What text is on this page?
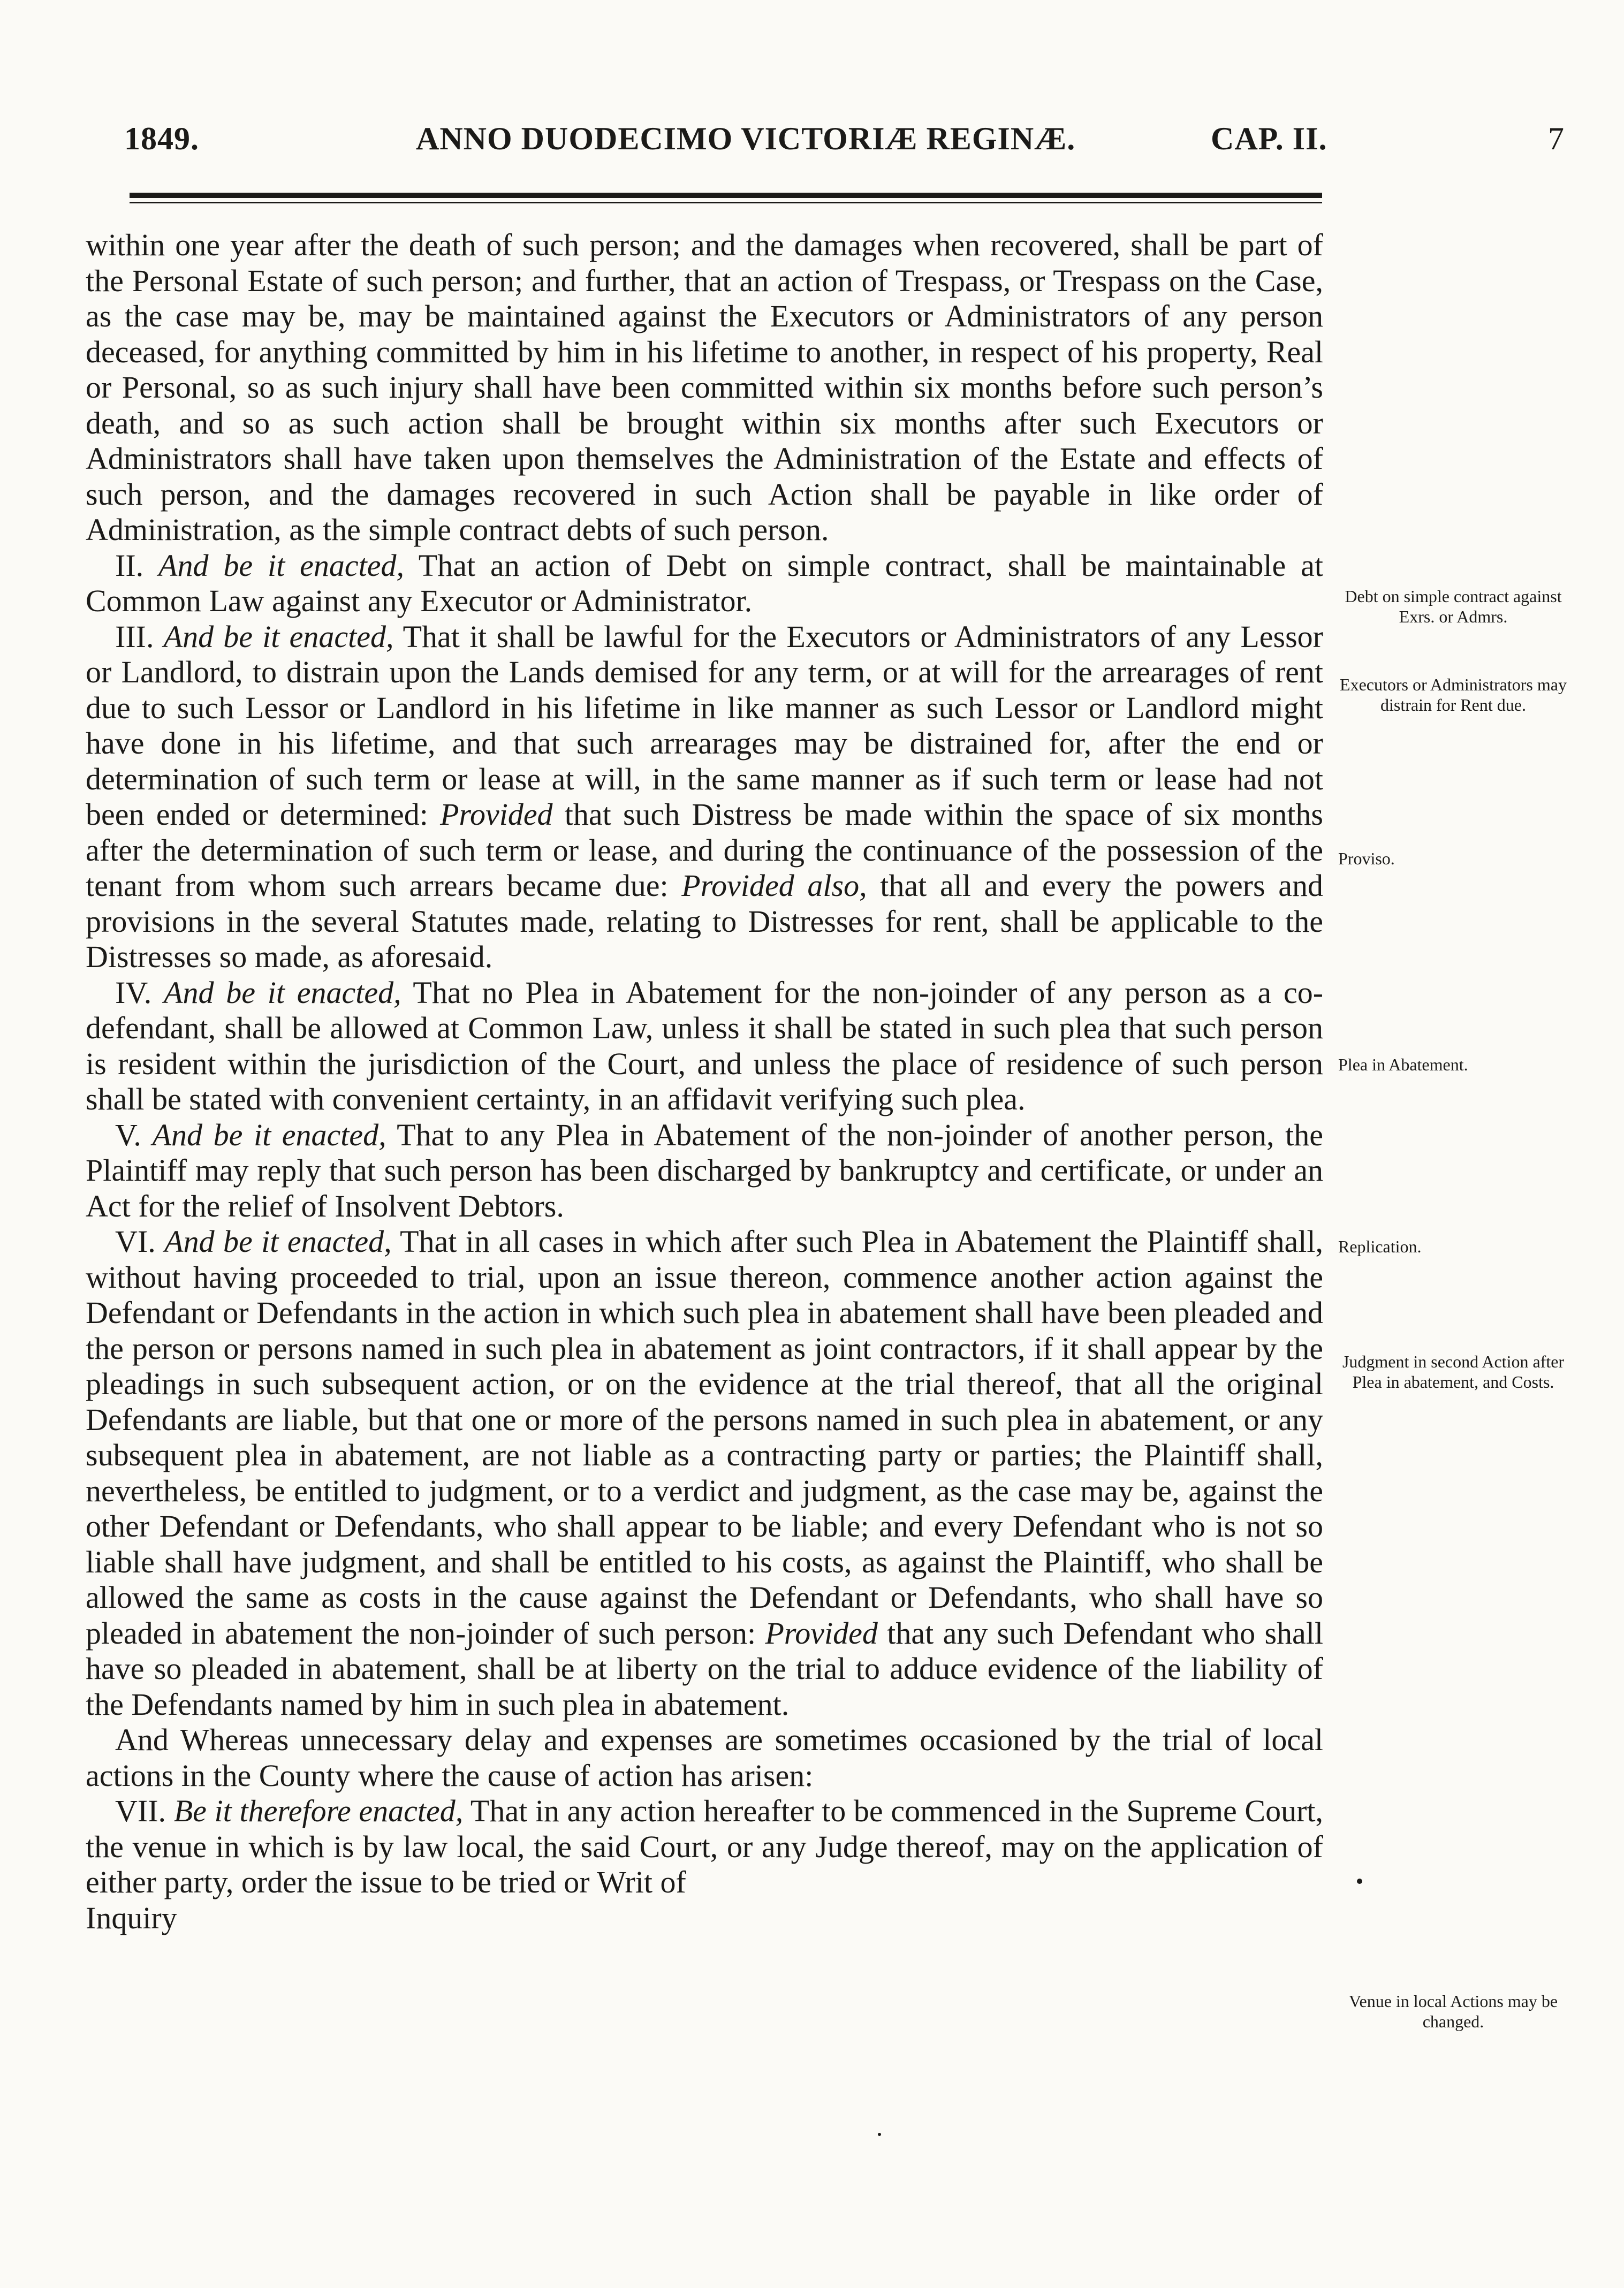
1849.	ANNO DUODECIMO VICTORIÆ REGINÆ.	CAP. II.	7

within one year after the death of such person; and the damages when recovered, shall be part of the Personal Estate of such person; and further, that an action of Trespass, or Trespass on the Case, as the case may be, may be maintained against the Executors or Administrators of any person deceased, for anything committed by him in his lifetime to another, in respect of his property, Real or Personal, so as such injury shall have been committed within six months before such person’s death, and so as such action shall be brought within six months after such Executors or Administrators shall have taken upon themselves the Administration of the Estate and effects of such person, and the damages recovered in such Action shall be payable in like order of Administration, as the simple contract debts of such person.

II. And be it enacted, That an action of Debt on simple contract, shall be maintainable at Common Law against any Executor or Administrator.

III. And be it enacted, That it shall be lawful for the Executors or Administrators of any Lessor or Landlord, to distrain upon the Lands demised for any term, or at will for the arrearages of rent due to such Lessor or Landlord in his lifetime in like manner as such Lessor or Landlord might have done in his lifetime, and that such arrearages may be distrained for, after the end or determination of such term or lease at will, in the same manner as if such term or lease had not been ended or determined: Provided that such Distress be made within the space of six months after the determination of such term or lease, and during the continuance of the possession of the tenant from whom such arrears became due: Provided also, that all and every the powers and provisions in the several Statutes made, relating to Distresses for rent, shall be applicable to the Distresses so made, as aforesaid.

IV. And be it enacted, That no Plea in Abatement for the non-joinder of any person as a co-defendant, shall be allowed at Common Law, unless it shall be stated in such plea that such person is resident within the jurisdiction of the Court, and unless the place of residence of such person shall be stated with convenient certainty, in an affidavit verifying such plea.

V. And be it enacted, That to any Plea in Abatement of the non-joinder of another person, the Plaintiff may reply that such person has been discharged by bankruptcy and certificate, or under an Act for the relief of Insolvent Debtors.

VI. And be it enacted, That in all cases in which after such Plea in Abatement the Plaintiff shall, without having proceeded to trial, upon an issue thereon, commence another action against the Defendant or Defendants in the action in which such plea in abatement shall have been pleaded and the person or persons named in such plea in abatement as joint contractors, if it shall appear by the pleadings in such subsequent action, or on the evidence at the trial thereof, that all the original Defendants are liable, but that one or more of the persons named in such plea in abatement, or any subsequent plea in abatement, are not liable as a contracting party or parties; the Plaintiff shall, nevertheless, be entitled to judgment, or to a verdict and judgment, as the case may be, against the other Defendant or Defendants, who shall appear to be liable; and every Defendant who is not so liable shall have judgment, and shall be entitled to his costs, as against the Plaintiff, who shall be allowed the same as costs in the cause against the Defendant or Defendants, who shall have so pleaded in abatement the non-joinder of such person: Provided that any such Defendant who shall have so pleaded in abatement, shall be at liberty on the trial to adduce evidence of the liability of the Defendants named by him in such plea in abatement.

And Whereas unnecessary delay and expenses are sometimes occasioned by the trial of local actions in the County where the cause of action has arisen:

VII. Be it therefore enacted, That in any action hereafter to be commenced in the Supreme Court, the venue in which is by law local, the said Court, or any Judge thereof, may on the application of either party, order the issue to be tried or Writ of

Inquiry

Debt on simple contract against Exrs. or Admrs.
Executors or Administrators may distrain for Rent due.
Proviso.
Plea in Abatement.
Replication.
Judgment in second Action after Plea in abatement, and Costs.
Venue in local Actions may be changed.
